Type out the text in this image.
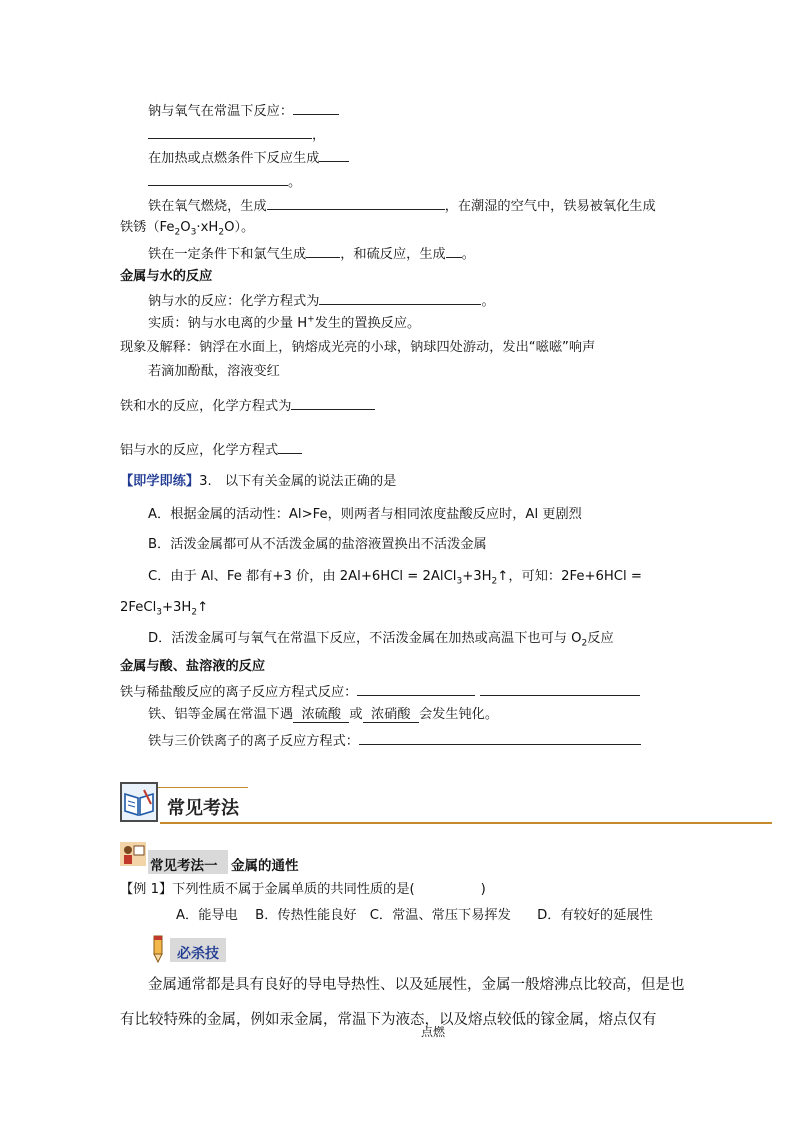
钠与氧气在常温下反应：
，
在加热或点燃条件下反应生成
。
铁在氧气燃烧，生成	，在潮湿的空气中，铁易被氧化生成
铁锈$(Fe_2O_3\cdot xH_2O)$。
铁在一定条件下和氯气生成	，和硫反应，生成 。
金属与水的反应
钠与水的反应：化学方程式为	。
实质：钠与水电离的少量 H+发生的置换反应。
现象及解释：钠浮在水面上，钠熔成光亮的小球，钠球四处游动，发出“嗞嗞”响声
若滴加酚酞，溶液变红
铁和水的反应，化学方程式为
铝与水的反应，化学方程式
【即学即练】3.　以下有关金属的说法正确的是
A．根据金属的活动性：Al>Fe，则两者与相同浓度盐酸反应时，Al 更剧烈
B．活泼金属都可从不活泼金属的盐溶液置换出不活泼金属
C．由于 Al、Fe 都有+3 价，由 $2Al+6HCl = 2AlCl_3+3H_2↑$，可知：2Fe+6HCl =
$2FeCl_3+3H_2↑$
D．活泼金属可与氧气在常温下反应，不活泼金属在加热或高温下也可与 $O_2$反应
金属与酸、盐溶液的反应
铁与稀盐酸反应的离子反应方程式反应：
铁、铝等金属在常温下遇 浓硫酸 或 浓硝酸 会发生钝化。
铁与三价铁离子的离子反应方程式：
常见考法
常见考法一　金属的通性
【例 1】下列性质不属于金属单质的共同性质的是(　　　　　)
A．能导电　 B．传热性能良好　C．常温、常压下易挥发　　D．有较好的延展性
必杀技
金属通常都是具有良好的导电导热性、以及延展性，金属一般熔沸点比较高，但是也
有比较特殊的金属，例如汞金属，常温下为液态，以及熔点较低的镓金属，熔点仅有
点燃
